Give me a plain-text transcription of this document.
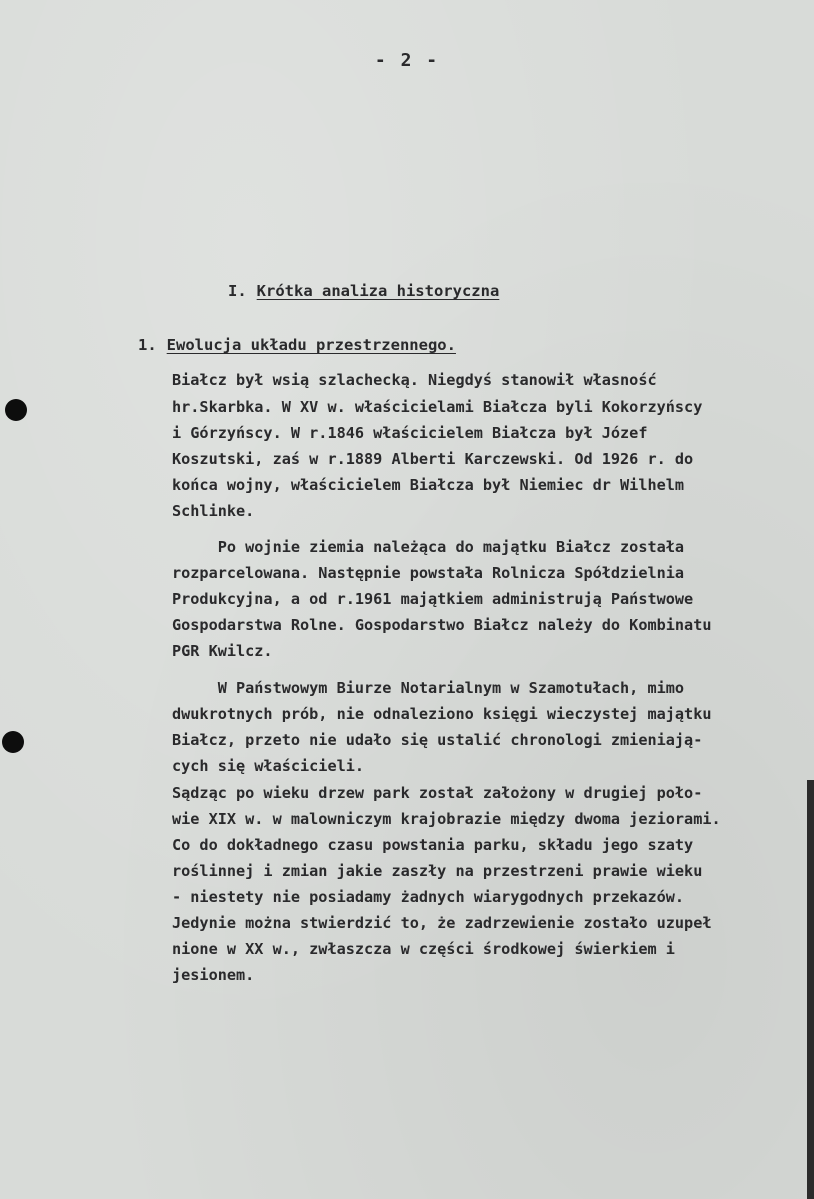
- 2 -
I. Krótka analiza historyczna
1. Ewolucja układu przestrzennego.
Białcz był wsią szlachecką. Niegdyś stanowił własność
hr.Skarbka. W XV w. właścicielami Białcza byli Kokorzyńscy
i Górzyńscy. W r.1846 właścicielem Białcza był Józef
Koszutski, zaś w r.1889 Alberti Karczewski. Od 1926 r. do
końca wojny, właścicielem Białcza był Niemiec dr Wilhelm
Schlinke.
Po wojnie ziemia należąca do majątku Białcz została
rozparcelowana. Następnie powstała Rolnicza Spółdzielnia
Produkcyjna, a od r.1961 majątkiem administrują Państwowe
Gospodarstwa Rolne. Gospodarstwo Białcz należy do Kombinatu
PGR Kwilcz.
W Państwowym Biurze Notarialnym w Szamotułach, mimo
dwukrotnych prób, nie odnaleziono księgi wieczystej majątku
Białcz, przeto nie udało się ustalić chronologi zmieniają-
cych się właścicieli.
Sądząc po wieku drzew park został założony w drugiej poło-
wie XIX w. w malowniczym krajobrazie między dwoma jeziorami.
Co do dokładnego czasu powstania parku, składu jego szaty
roślinnej i zmian jakie zaszły na przestrzeni prawie wieku
- niestety nie posiadamy żadnych wiarygodnych przekazów.
Jedynie można stwierdzić to, że zadrzewienie zostało uzupeł
nione w XX w., zwłaszcza w części środkowej świerkiem i
jesionem.
